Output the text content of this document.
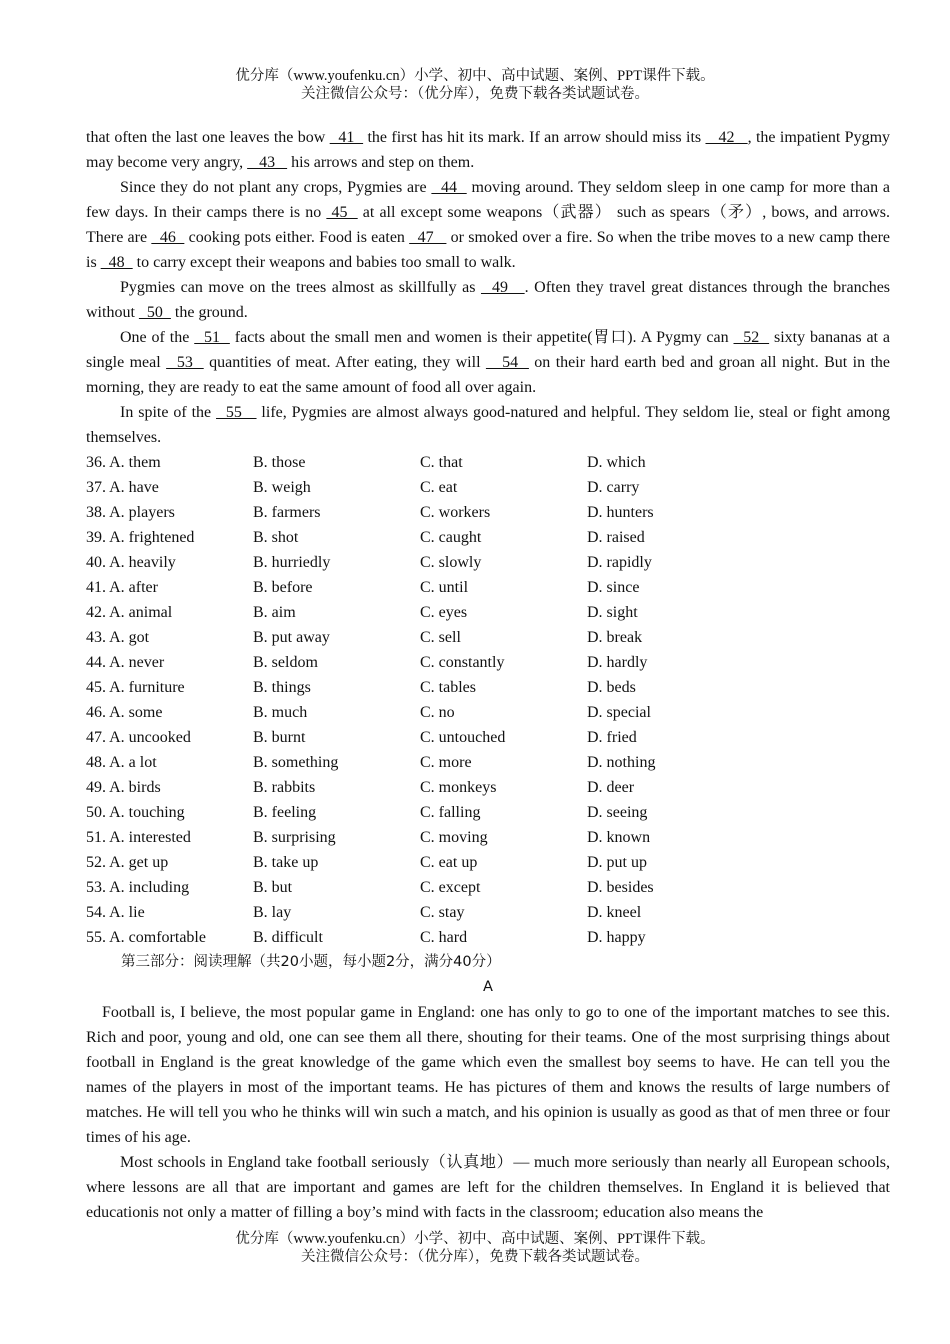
优分库（www.youfenku.cn）小学、初中、高中试题、案例、PPT课件下载。
关注微信公众号：（优分库），免费下载各类试题试卷。

that often the last one leaves the bow   41   the first has hit its mark. If an arrow should miss its    42   , the impatient Pygmy may become very angry,    43    his arrows and step on them.

Since they do not plant any crops, Pygmies are   44   moving around. They seldom sleep in one camp for more than a few days. In their camps there is no  45   at all except some weapons（武器） such as spears（矛）, bows, and arrows. There are   46   cooking pots either. Food is eaten   47    or smoked over a fire. So when the tribe moves to a new camp there is   48   to carry except their weapons and babies too small to walk.

Pygmies can move on the trees almost as skillfully as   49   . Often they travel great distances through the branches without   50   the ground.

One of the   51   facts about the small men and women is their appetite(胃口). A Pygmy can   52   sixty bananas at a single meal   53   quantities of meat. After eating, they will    54   on their hard earth bed and groan all night. But in the morning, they are ready to eat the same amount of food all over again.

In spite of the   55    life, Pygmies are almost always good-natured and helpful. They seldom lie, steal or fight among themselves.

36. A. them	B. those	C. that	D. which
37. A. have	B. weigh	C. eat	D. carry
38. A. players	B. farmers	C. workers	D. hunters
39. A. frightened	B. shot	C. caught	D. raised
40. A. heavily	B. hurriedly	C. slowly	D. rapidly
41. A. after	B. before	C. until	D. since
42. A. animal	B. aim	C. eyes	D. sight
43. A. got	B. put away	C. sell	D. break
44. A. never	B. seldom	C. constantly	D. hardly
45. A. furniture	B. things	C. tables	D. beds
46. A. some	B. much	C. no	D. special
47. A. uncooked	B. burnt	C. untouched	D. fried
48. A. a lot	B. something	C. more	D. nothing
49. A. birds	B. rabbits	C. monkeys	D. deer
50. A. touching	B. feeling	C. falling	D. seeing
51. A. interested	B. surprising	C. moving	D. known
52. A. get up	B. take up	C. eat up	D. put up
53. A. including	B. but	C. except	D. besides
54. A. lie	B. lay	C. stay	D. kneel
55. A. comfortable	B. difficult	C. hard	D. happy
第三部分：阅读理解（共20小题，每小题2分，满分40分）
A

Football is, I believe, the most popular game in England: one has only to go to one of the important matches to see this. Rich and poor, young and old, one can see them all there, shouting for their teams. One of the most surprising things about football in England is the great knowledge of the game which even the smallest boy seems to have. He can tell you the names of the players in most of the important teams. He has pictures of them and knows the results of large numbers of matches. He will tell you who he thinks will win such a match, and his opinion is usually as good as that of men three or four times of his age.

Most schools in England take football seriously（认真地）— much more seriously than nearly all European schools, where lessons are all that are important and games are left for the children themselves. In England it is believed that educationis not only a matter of filling a boy’s mind with facts in the classroom; education also means the

优分库（www.youfenku.cn）小学、初中、高中试题、案例、PPT课件下载。
关注微信公众号：（优分库），免费下载各类试题试卷。
